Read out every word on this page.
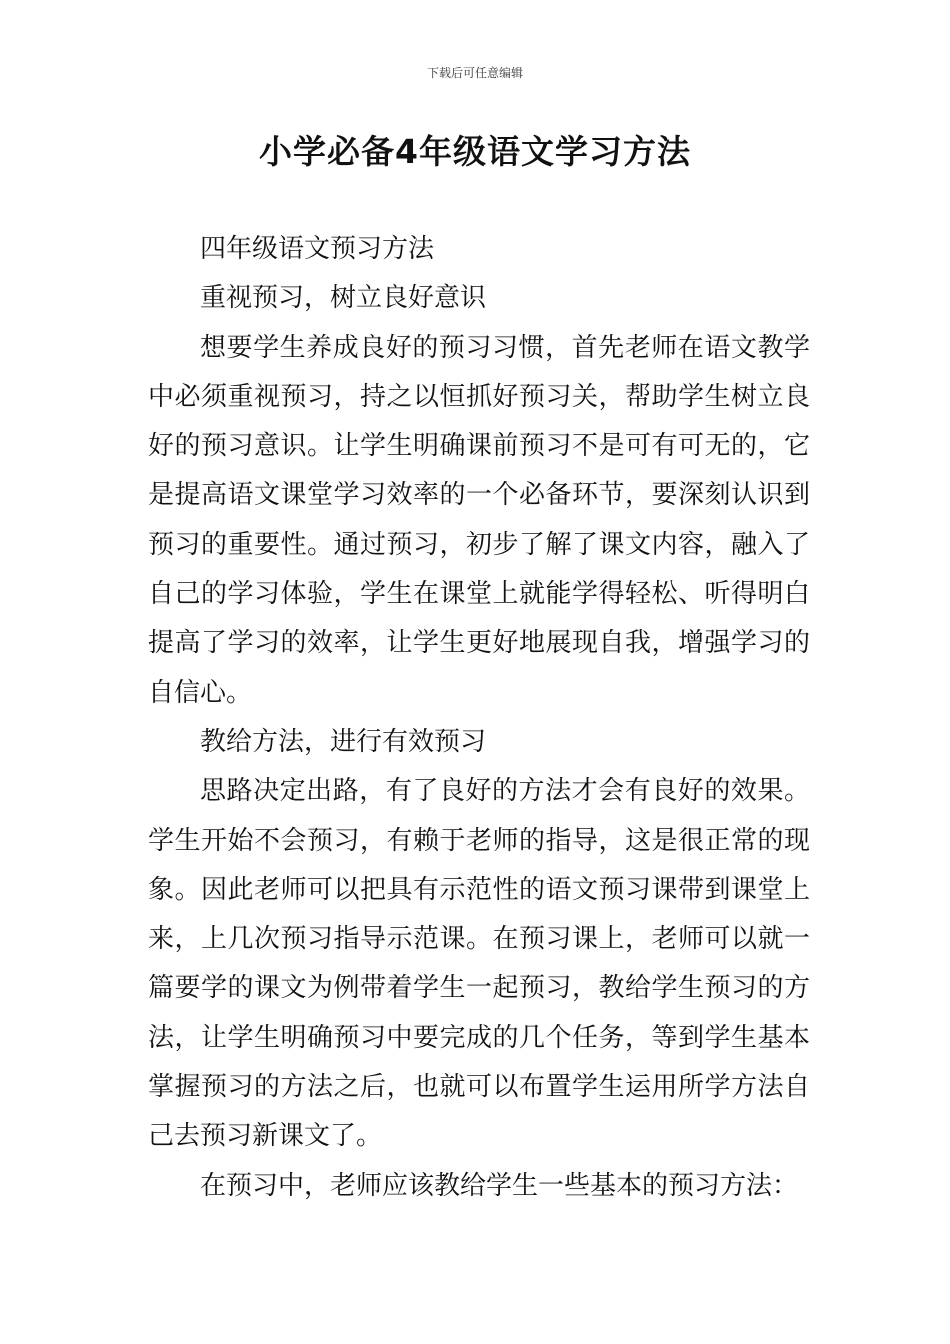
下载后可任意编辑
小学必备4年级语文学习方法

四年级语文预习方法

重视预习，树立良好意识

想要学生养成良好的预习习惯，首先老师在语文教学中必须重视预习，持之以恒抓好预习关，帮助学生树立良好的预习意识。让学生明确课前预习不是可有可无的，它是提高语文课堂学习效率的一个必备环节，要深刻认识到预习的重要性。通过预习，初步了解了课文内容，融入了自己的学习体验，学生在课堂上就能学得轻松、听得明白提高了学习的效率，让学生更好地展现自我，增强学习的自信心。

教给方法，进行有效预习

思路决定出路，有了良好的方法才会有良好的效果。学生开始不会预习，有赖于老师的指导，这是很正常的现象。因此老师可以把具有示范性的语文预习课带到课堂上来，上几次预习指导示范课。在预习课上，老师可以就一篇要学的课文为例带着学生一起预习，教给学生预习的方法，让学生明确预习中要完成的几个任务，等到学生基本掌握预习的方法之后，也就可以布置学生运用所学方法自己去预习新课文了。

在预习中，老师应该教给学生一些基本的预习方法：
